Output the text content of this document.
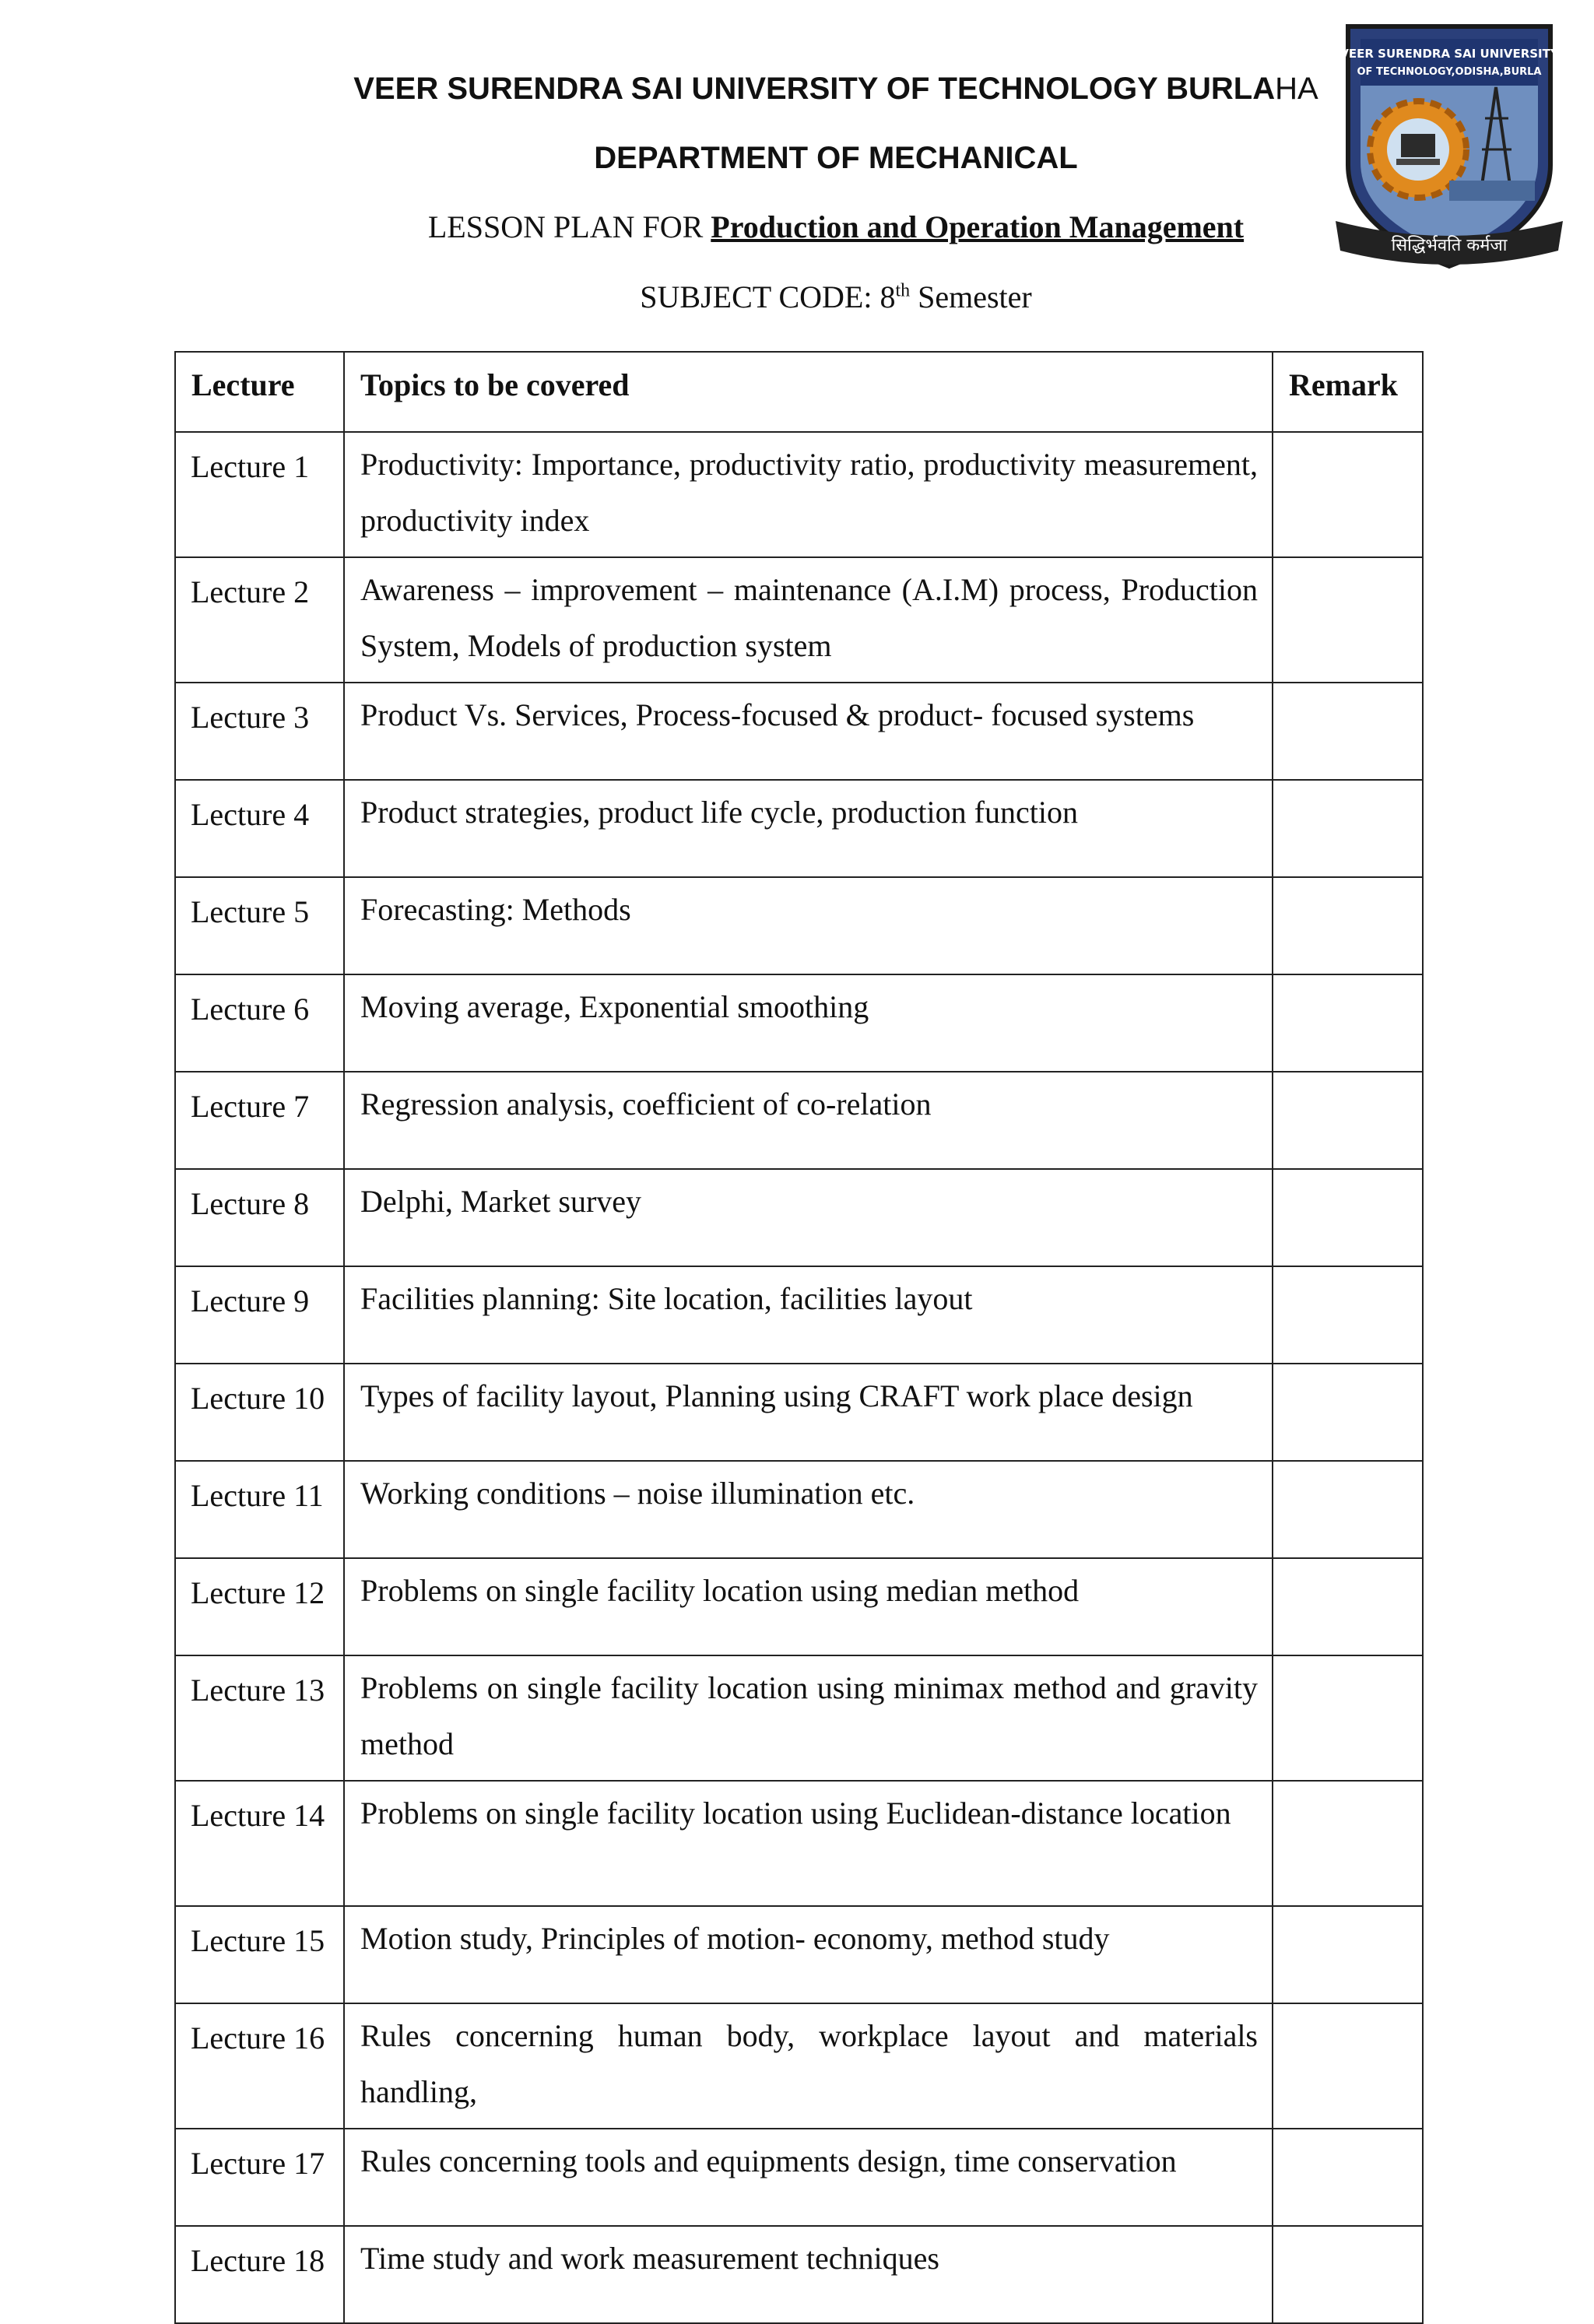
VEER SURENDRA SAI UNIVERSITY OF TECHNOLOGY BURLAHA
DEPARTMENT OF MECHANICAL
LESSON PLAN FOR Production and Operation Management
SUBJECT CODE: 8th Semester
VEER SURENDRA SAI UNIVERSITY
OF TECHNOLOGY,ODISHA,BURLA
सिद्धिर्भवति कर्मजा
Lecture	Topics to be covered	Remark
Lecture 1	Productivity: Importance, productivity ratio, productivity measurement, productivity index	
Lecture 2	Awareness – improvement – maintenance (A.I.M) process, Production System, Models of production system	
Lecture 3	Product Vs. Services, Process-focused & product- focused systems	
Lecture 4	Product strategies, product life cycle, production function	
Lecture 5	Forecasting: Methods	
Lecture 6	Moving average, Exponential smoothing	
Lecture 7	Regression analysis, coefficient of co-relation	
Lecture 8	Delphi, Market survey	
Lecture 9	Facilities planning: Site location, facilities layout	
Lecture 10	Types of facility layout, Planning using CRAFT work place design	
Lecture 11	Working conditions – noise illumination etc.	
Lecture 12	Problems on single facility location using median method	
Lecture 13	Problems on single facility location using minimax method and gravity method	
Lecture 14	Problems on single facility location using Euclidean-distance location	
Lecture 15	Motion study, Principles of motion- economy, method study	
Lecture 16	Rules concerning human body, workplace layout and materials handling,	
Lecture 17	Rules concerning tools and equipments design, time conservation	
Lecture 18	Time study and work measurement techniques	
